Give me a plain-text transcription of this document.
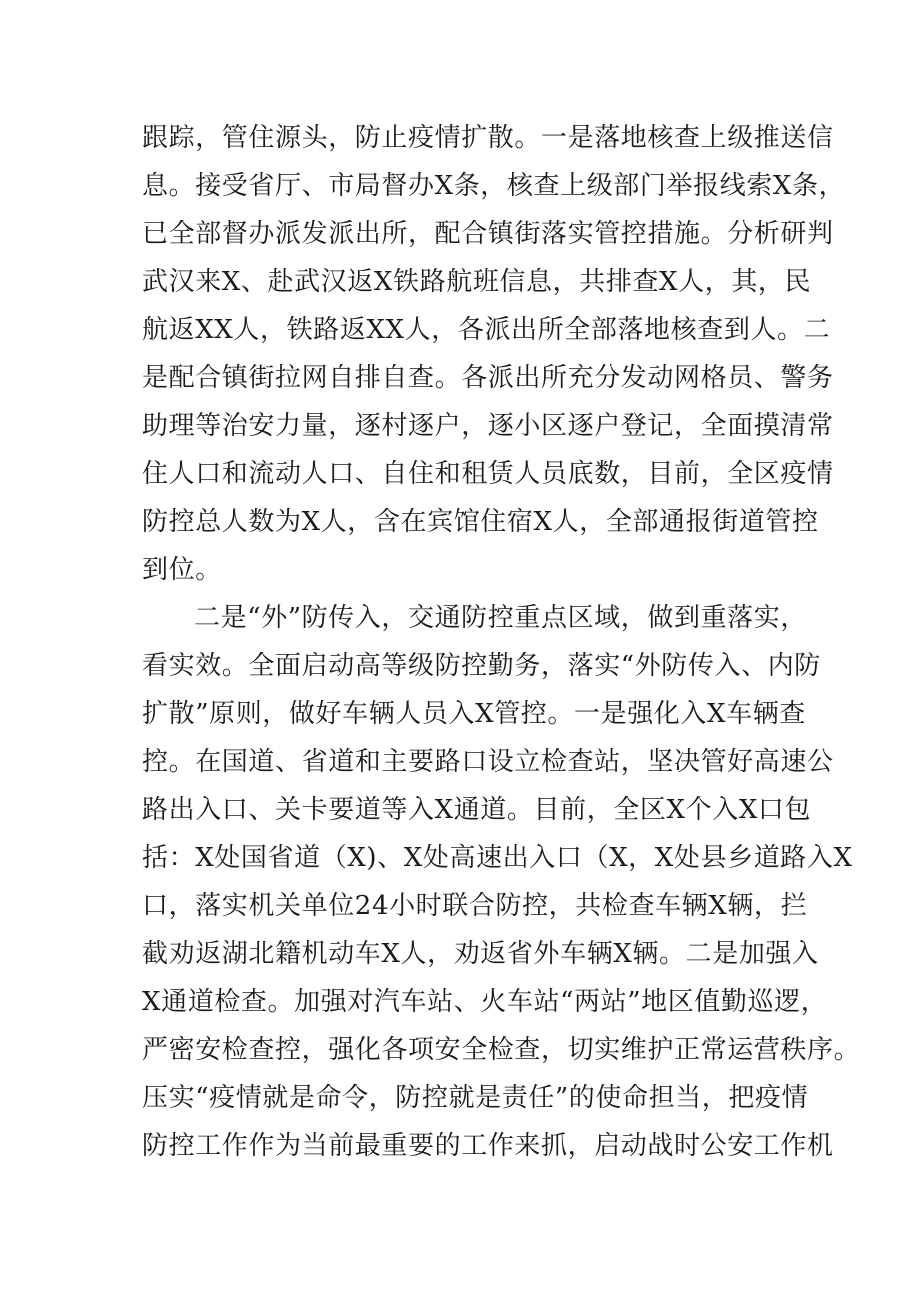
跟踪，管住源头，防止疫情扩散。一是落地核查上级推送信
息。接受省厅、市局督办X条，核查上级部门举报线索X条，
已全部督办派发派出所，配合镇街落实管控措施。分析研判
武汉来X、赴武汉返X铁路航班信息，共排查X人，其，民
航返XX人，铁路返XX人，各派出所全部落地核查到人。二
是配合镇街拉网自排自查。各派出所充分发动网格员、警务
助理等治安力量，逐村逐户，逐小区逐户登记，全面摸清常
住人口和流动人口、自住和租赁人员底数，目前，全区疫情
防控总人数为X人，含在宾馆住宿X人，全部通报街道管控
到位。
二是“外”防传入，交通防控重点区域，做到重落实，
看实效。全面启动高等级防控勤务，落实“外防传入、内防
扩散”原则，做好车辆人员入X管控。一是强化入X车辆查
控。在国道、省道和主要路口设立检查站，坚决管好高速公
路出入口、关卡要道等入X通道。目前，全区X个入X口包
括：X处国省道（X)、X处高速出入口（X，X处县乡道路入X
口，落实机关单位24小时联合防控，共检查车辆X辆，拦
截劝返湖北籍机动车X人，劝返省外车辆X辆。二是加强入
X通道检查。加强对汽车站、火车站“两站”地区值勤巡逻，
严密安检查控，强化各项安全检查，切实维护正常运营秩序。
压实“疫情就是命令，防控就是责任”的使命担当，把疫情
防控工作作为当前最重要的工作来抓，启动战时公安工作机
